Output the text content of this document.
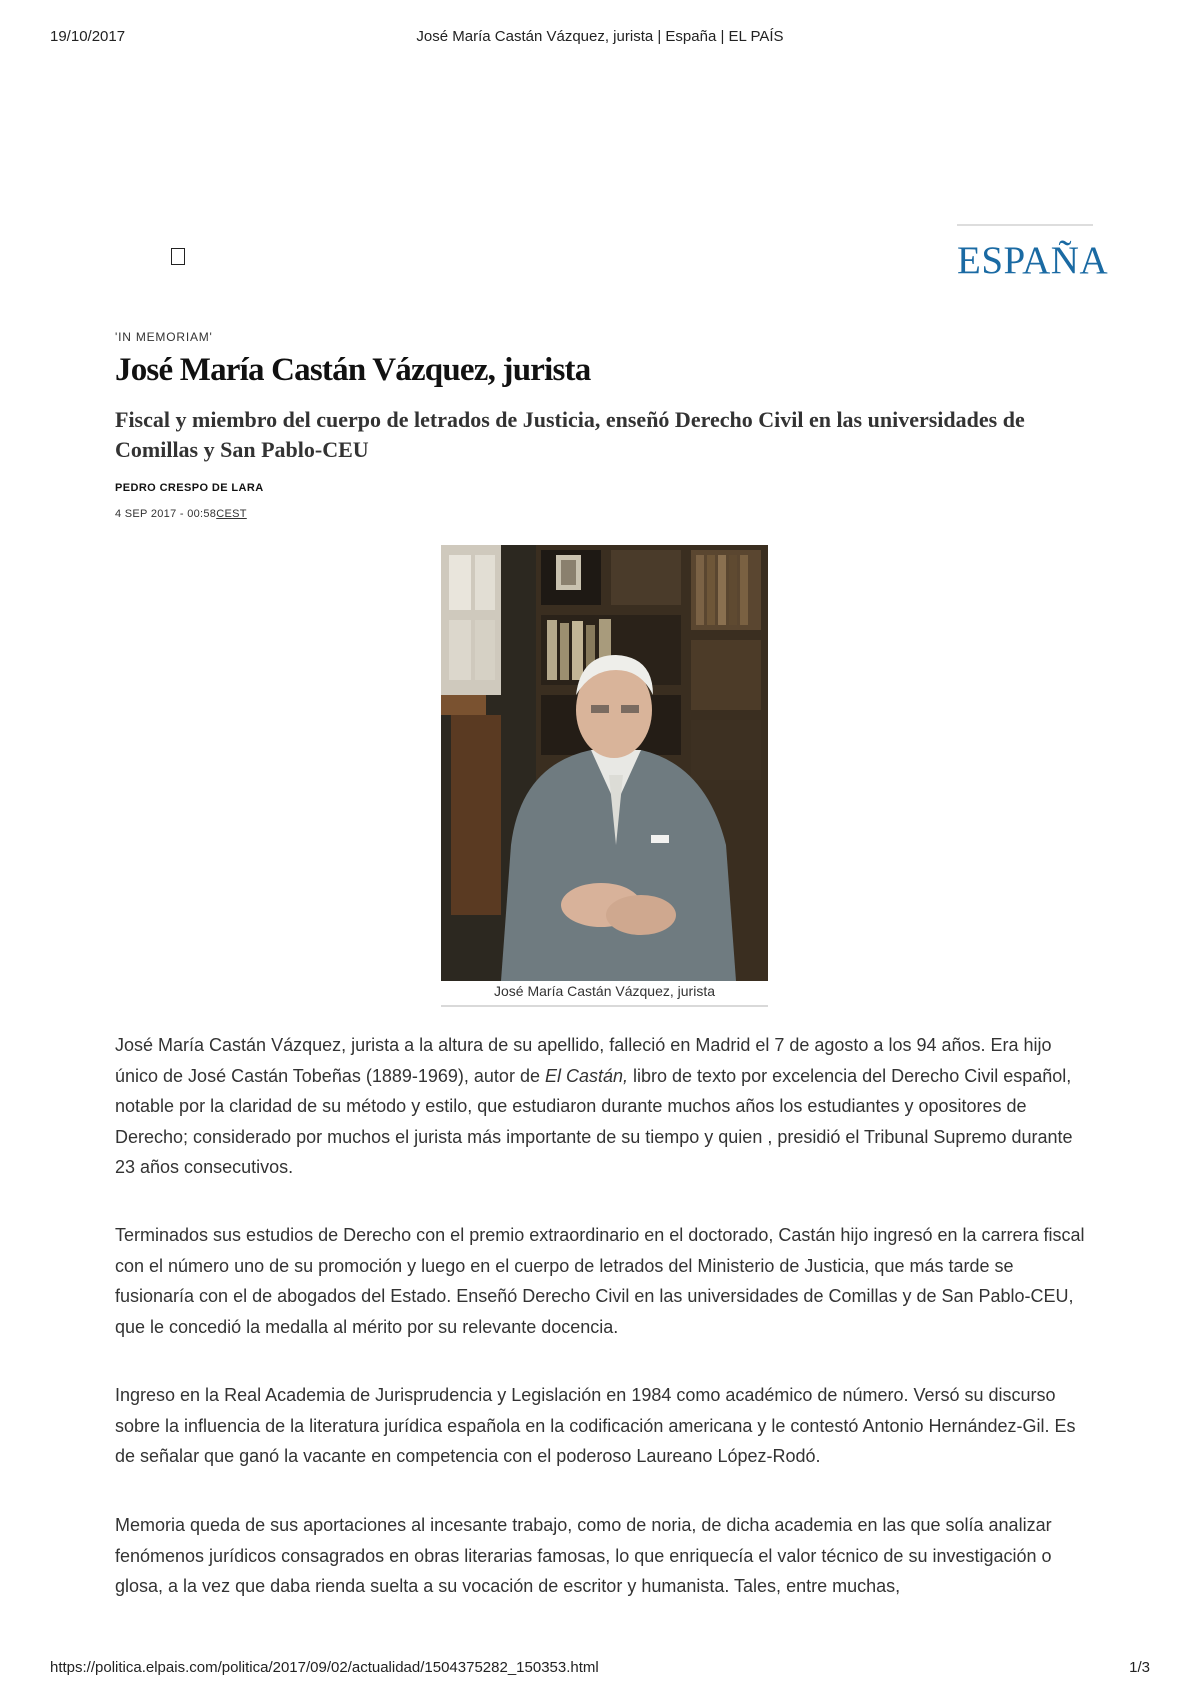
19/10/2017	José María Castán Vázquez, jurista | España | EL PAÍS
ESPAÑA
'IN MEMORIAM'
José María Castán Vázquez, jurista
Fiscal y miembro del cuerpo de letrados de Justicia, enseñó Derecho Civil en las universidades de Comillas y San Pablo-CEU
PEDRO CRESPO DE LARA
4 SEP 2017 - 00:58CEST
José María Castán Vázquez, jurista

José María Castán Vázquez, jurista a la altura de su apellido, falleció en Madrid el 7 de agosto a los 94 años. Era hijo único de José Castán Tobeñas (1889-1969), autor de El Castán, libro de texto por excelencia del Derecho Civil español, notable por la claridad de su método y estilo, que estudiaron durante muchos años los estudiantes y opositores de Derecho; considerado por muchos el jurista más importante de su tiempo y quien , presidió el Tribunal Supremo durante 23 años consecutivos.

Terminados sus estudios de Derecho con el premio extraordinario en el doctorado, Castán hijo ingresó en la carrera fiscal con el número uno de su promoción y luego en el cuerpo de letrados del Ministerio de Justicia, que más tarde se fusionaría con el de abogados del Estado. Enseñó Derecho Civil en las universidades de Comillas y de San Pablo-CEU, que le concedió la medalla al mérito por su relevante docencia.

Ingreso en la Real Academia de Jurisprudencia y Legislación en 1984 como académico de número. Versó su discurso sobre la influencia de la literatura jurídica española en la codificación americana y le contestó Antonio Hernández-Gil. Es de señalar que ganó la vacante en competencia con el poderoso Laureano López-Rodó.

Memoria queda de sus aportaciones al incesante trabajo, como de noria, de dicha academia en las que solía analizar fenómenos jurídicos consagrados en obras literarias famosas, lo que enriquecía el valor técnico de su investigación o glosa, a la vez que daba rienda suelta a su vocación de escritor y humanista. Tales, entre muchas,

https://politica.elpais.com/politica/2017/09/02/actualidad/1504375282_150353.html	1/3
